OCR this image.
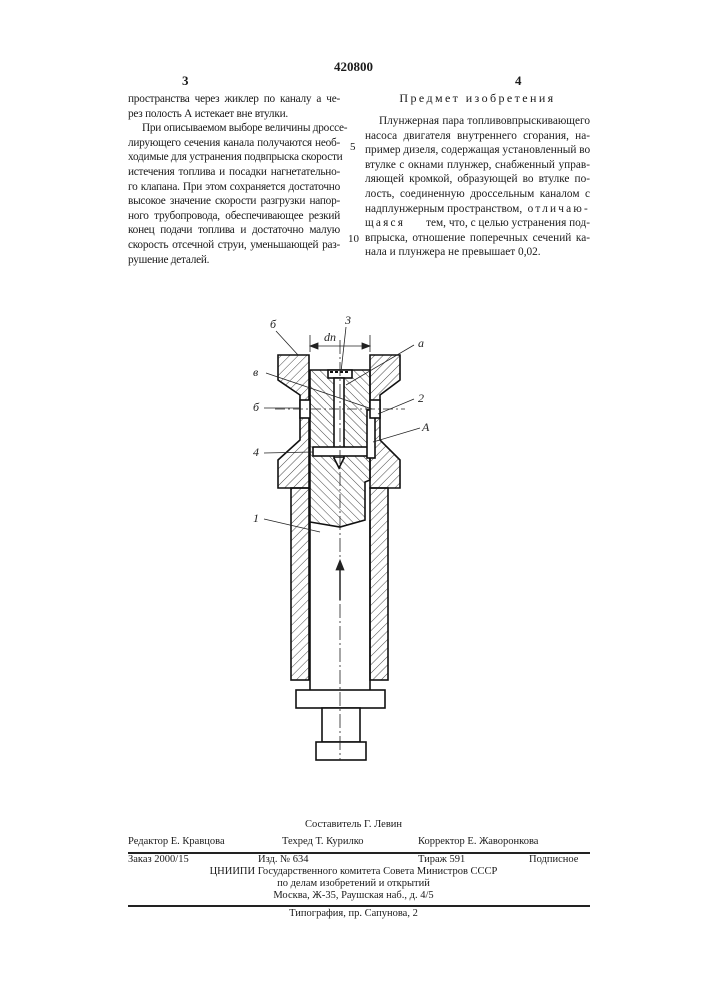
420800
3	4
пространства через жиклер по каналу а че-
рез полость А истекает вне втулки.
При описываемом выборе величины дроссе-
лирующего сечения канала получаются необ-
ходимые для устранения подвпрыска скорости
истечения топлива и посадки нагнетательно-
го клапана. При этом сохраняется достаточно
высокое значение скорости разгрузки напор-
ного трубопровода, обеспечивающее резкий
конец подачи топлива и достаточно малую
скорость отсечной струи, уменьшающей раз-
рушение деталей.
5
10
Предмет изобретения
Плунжерная пара топливовпрыскивающего
насоса двигателя внутреннего сгорания, на-
пример дизеля, содержащая установленный во
втулке с окнами плунжер, снабженный управ-
ляющей кромкой, образующей во втулке по-
лость, соединенную дроссельным каналом с
надплунжерным пространством, отличаю-
щаяся тем, что, с целью устранения под-
впрыска, отношение поперечных сечений ка-
нала и плунжера не превышает 0,02.
б
dп
3
a
в
б
2
A
4
1
Составитель Г. Левин
Редактор Е. Кравцова	Техред Т. Курилко	Корректор Е. Жаворонкова
Заказ 2000/15	Изд. № 634	Тираж 591	Подписное
ЦНИИПИ Государственного комитета Совета Министров СССР
по делам изобретений и открытий
Москва, Ж-35, Раушская наб., д. 4/5
Типография, пр. Сапунова, 2
